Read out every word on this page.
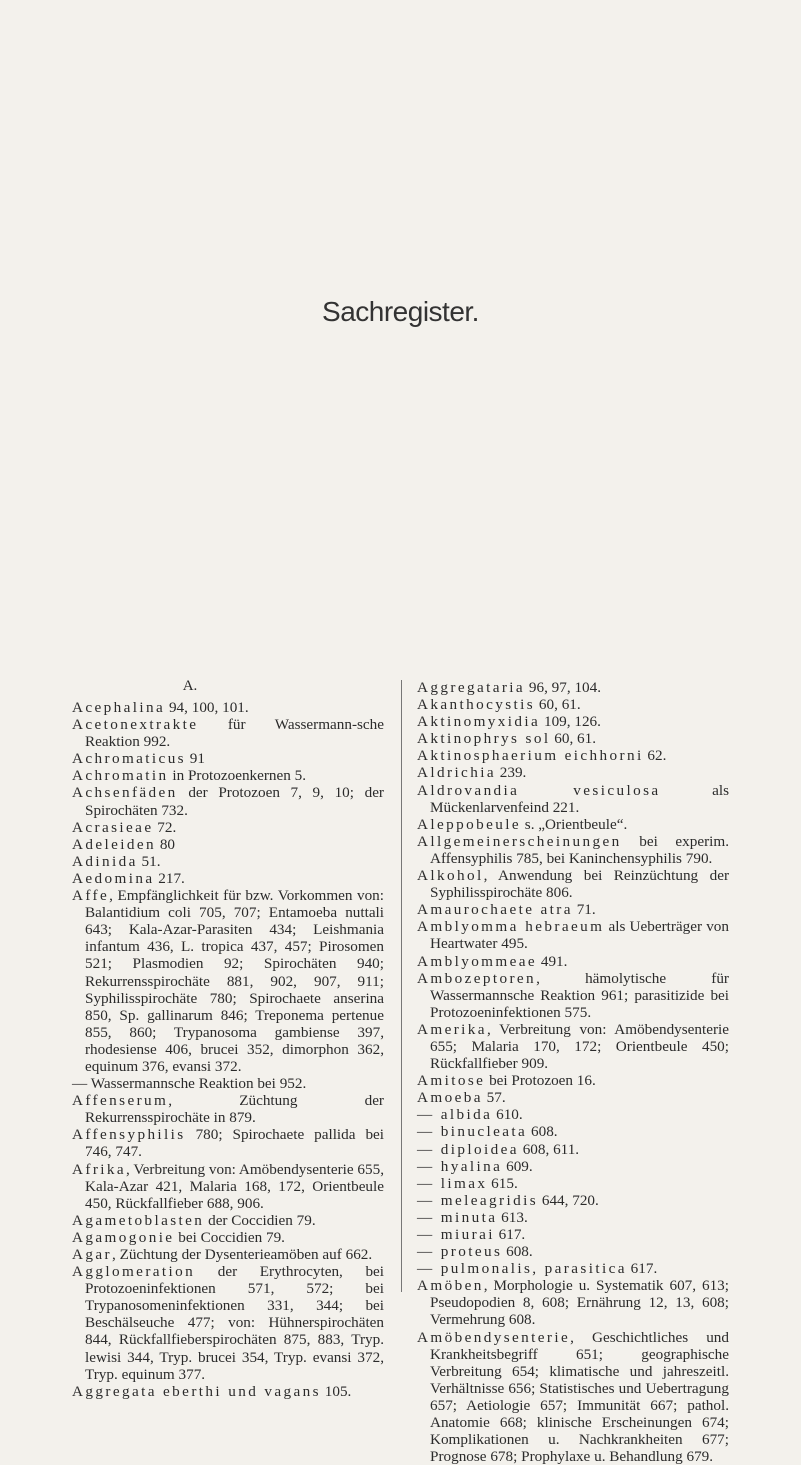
Sachregister.
A.

Acephalina 94, 100, 101.

Acetonextrakte für Wassermann-sche Reaktion 992.

Achromaticus 91

Achromatin in Protozoenkernen 5.

Achsenfäden der Protozoen 7, 9, 10; der Spirochäten 732.

Acrasieae 72.

Adeleiden 80

Adinida 51.

Aedomina 217.

Affe, Empfänglichkeit für bzw. Vorkommen von: Balantidium coli 705, 707; Entamoeba nuttali 643; Kala-Azar-Parasiten 434; Leishmania infantum 436, L. tropica 437, 457; Pirosomen 521; Plasmodien 92; Spirochäten 940; Rekurrensspirochäte 881, 902, 907, 911; Syphilisspirochäte 780; Spirochaete anserina 850, Sp. gallinarum 846; Treponema pertenue 855, 860; Trypanosoma gambiense 397, rhodesiense 406, brucei 352, dimorphon 362, equinum 376, evansi 372.

— Wassermannsche Reaktion bei 952.

Affenserum, Züchtung der Rekurrensspirochäte in 879.

Affensyphilis 780; Spirochaete pallida bei 746, 747.

Afrika, Verbreitung von: Amöbendysenterie 655, Kala-Azar 421, Malaria 168, 172, Orientbeule 450, Rückfallfieber 688, 906.

Agametoblasten der Coccidien 79.

Agamogonie bei Coccidien 79.

Agar, Züchtung der Dysenterieamöben auf 662.

Agglomeration der Erythrocyten, bei Protozoeninfektionen 571, 572; bei Trypanosomeninfektionen 331, 344; bei Beschälseuche 477; von: Hühnerspirochäten 844, Rückfallfieberspirochäten 875, 883, Tryp. lewisi 344, Tryp. brucei 354, Tryp. evansi 372, Tryp. equinum 377.

Aggregata eberthi und vagans 105.

Aggregataria 96, 97, 104.

Akanthocystis 60, 61.

Aktinomyxidia 109, 126.

Aktinophrys sol 60, 61.

Aktinosphaerium eichhorni 62.

Aldrichia 239.

Aldrovandia vesiculosa als Mückenlarvenfeind 221.

Aleppobeule s. „Orientbeule“.

Allgemeinerscheinungen bei experim. Affensyphilis 785, bei Kaninchensyphilis 790.

Alkohol, Anwendung bei Reinzüchtung der Syphilisspirochäte 806.

Amaurochaete atra 71.

Amblyomma hebraeum als Ueberträger von Heartwater 495.

Amblyommeae 491.

Ambozeptoren, hämolytische für Wassermannsche Reaktion 961; parasitizide bei Protozoeninfektionen 575.

Amerika, Verbreitung von: Amöbendysenterie 655; Malaria 170, 172; Orientbeule 450; Rückfallfieber 909.

Amitose bei Protozoen 16.

Amoeba 57.

— albida 610.

— binucleata 608.

— diploidea 608, 611.

— hyalina 609.

— limax 615.

— meleagridis 644, 720.

— minuta 613.

— miurai 617.

— proteus 608.

— pulmonalis, parasitica 617.

Amöben, Morphologie u. Systematik 607, 613; Pseudopodien 8, 608; Ernährung 12, 13, 608; Vermehrung 608.

Amöbendysenterie, Geschichtliches und Krankheitsbegriff 651; geographische Verbreitung 654; klimatische und jahreszeitl. Verhältnisse 656; Statistisches und Uebertragung 657; Aetiologie 657; Immunität 667; pathol. Anatomie 668; klinische Erscheinungen 674; Komplikationen u. Nachkrankheiten 677; Prognose 678; Prophylaxe u. Behandlung 679.
